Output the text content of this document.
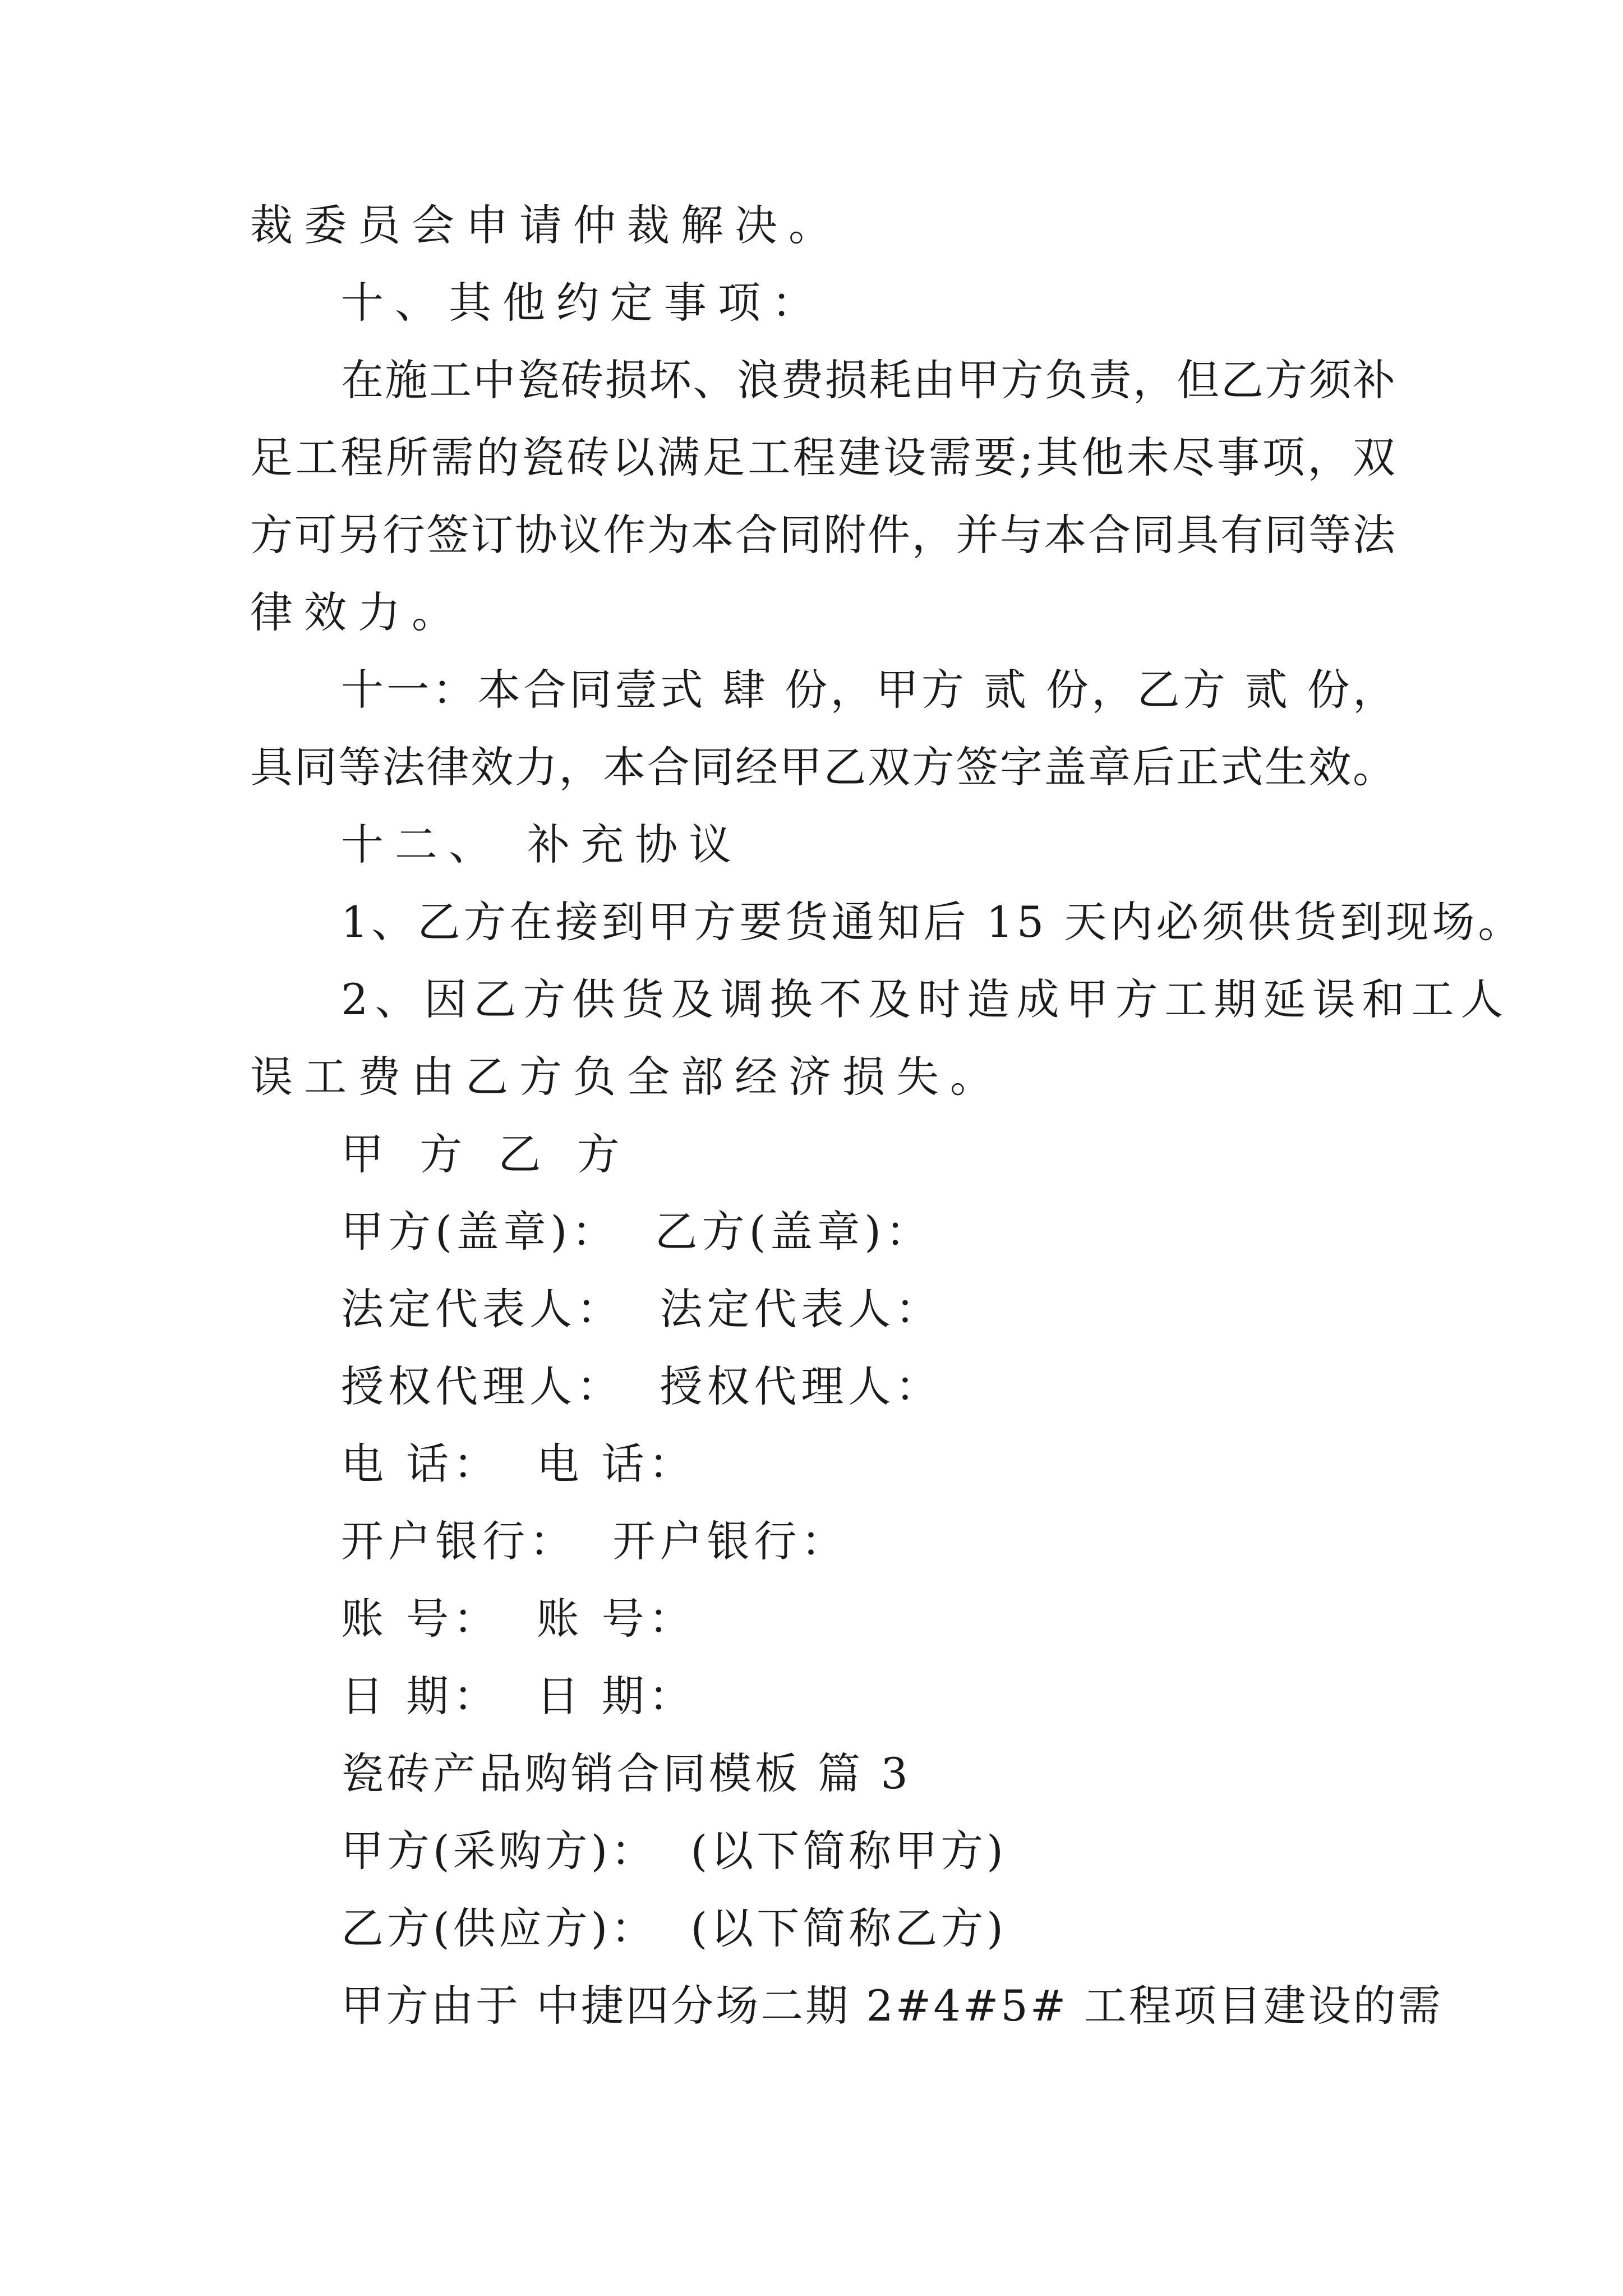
裁委员会申请仲裁解决。
十、其他约定事项：
在施工中瓷砖损坏、浪费损耗由甲方负责，但乙方须补
足工程所需的瓷砖以满足工程建设需要;其他未尽事项，双
方可另行签订协议作为本合同附件，并与本合同具有同等法
律效力。
十一：本合同壹式 肆 份，甲方 贰 份，乙方 贰 份，
具同等法律效力，本合同经甲乙双方签字盖章后正式生效。
十二、 补充协议
1、乙方在接到甲方要货通知后 15 天内必须供货到现场。
2、因乙方供货及调换不及时造成甲方工期延误和工人
误工费由乙方负全部经济损失。
甲 方 乙 方
甲方(盖章)：  乙方(盖章)：
法定代表人：  法定代表人：
授权代理人：  授权代理人：
电 话：  电 话：
开户银行：  开户银行：
账 号：  账 号：
日 期：  日 期：
瓷砖产品购销合同模板 篇 3
甲方(采购方)：  (以下简称甲方)
乙方(供应方)：  (以下简称乙方)
甲方由于 中捷四分场二期 2#4#5# 工程项目建设的需
